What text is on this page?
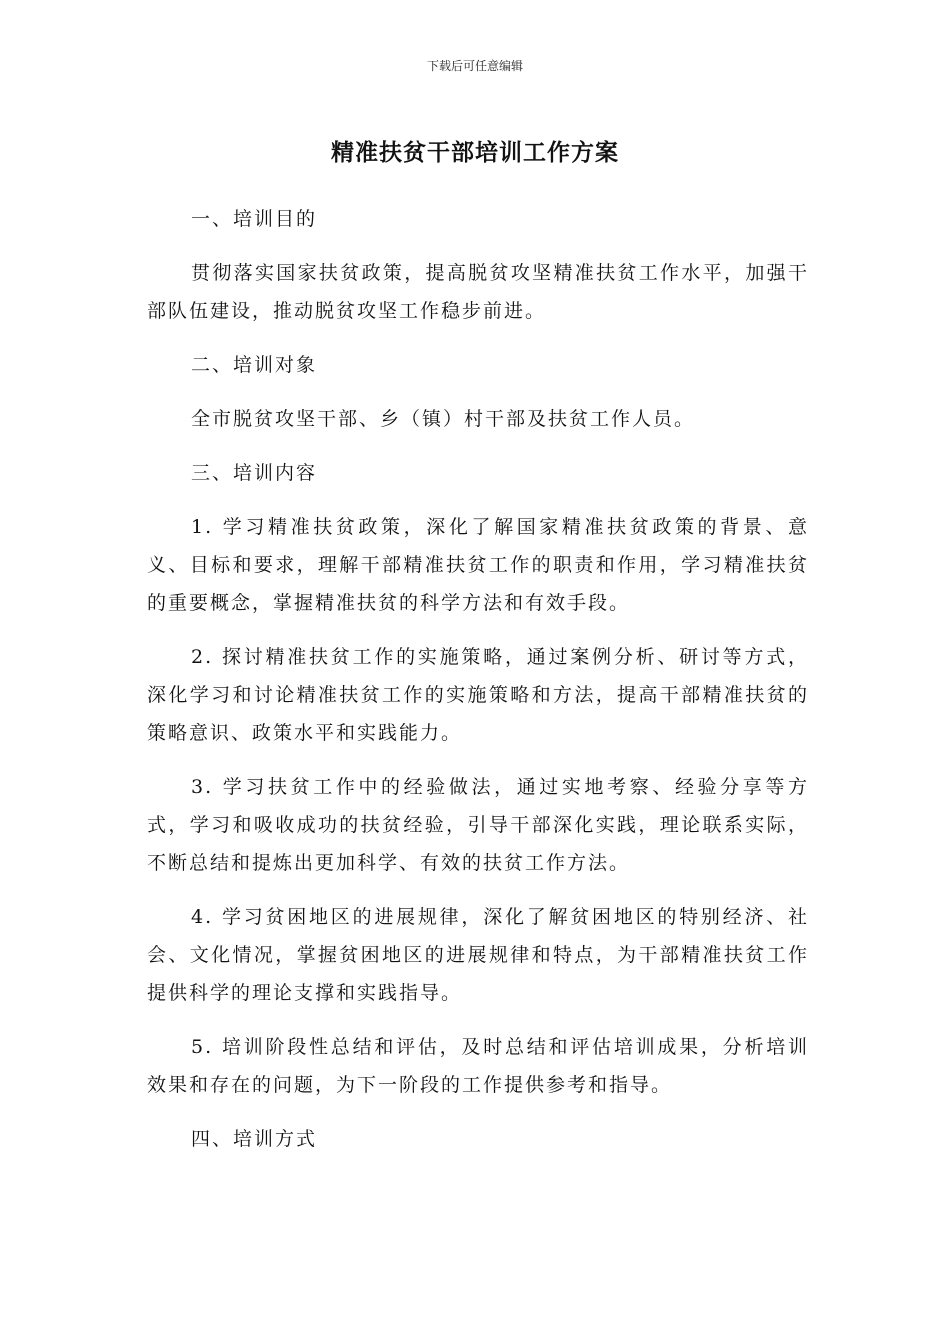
下载后可任意编辑
精准扶贫干部培训工作方案

一、培训目的

贯彻落实国家扶贫政策，提高脱贫攻坚精准扶贫工作水平，加强干部队伍建设，推动脱贫攻坚工作稳步前进。

二、培训对象

全市脱贫攻坚干部、乡（镇）村干部及扶贫工作人员。

三、培训内容

1. 学习精准扶贫政策，深化了解国家精准扶贫政策的背景、意义、目标和要求，理解干部精准扶贫工作的职责和作用，学习精准扶贫的重要概念，掌握精准扶贫的科学方法和有效手段。

2. 探讨精准扶贫工作的实施策略，通过案例分析、研讨等方式，深化学习和讨论精准扶贫工作的实施策略和方法，提高干部精准扶贫的策略意识、政策水平和实践能力。

3. 学习扶贫工作中的经验做法，通过实地考察、经验分享等方式，学习和吸收成功的扶贫经验，引导干部深化实践，理论联系实际，不断总结和提炼出更加科学、有效的扶贫工作方法。

4. 学习贫困地区的进展规律，深化了解贫困地区的特别经济、社会、文化情况，掌握贫困地区的进展规律和特点，为干部精准扶贫工作提供科学的理论支撑和实践指导。

5. 培训阶段性总结和评估，及时总结和评估培训成果，分析培训效果和存在的问题，为下一阶段的工作提供参考和指导。

四、培训方式
